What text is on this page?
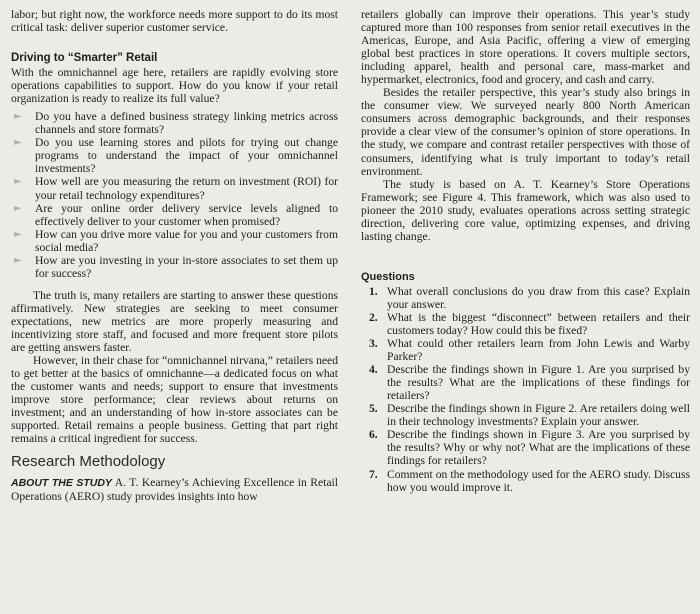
labor; but right now, the workforce needs more support to do its most critical task: deliver superior customer service.

Driving to “Smarter” Retail

With the omnichannel age here, retailers are rapidly evolving store operations capabilities to support. How do you know if your retail organization is ready to realize its full value?

► Do you have a defined business strategy linking metrics across channels and store formats?
► Do you use learning stores and pilots for trying out change programs to understand the impact of your omnichannel investments?
► How well are you measuring the return on investment (ROI) for your retail technology expenditures?
► Are your online order delivery service levels aligned to effectively deliver to your customer when promised?
► How can you drive more value for you and your customers from social media?
► How are you investing in your in-store associates to set them up for success?

The truth is, many retailers are starting to answer these questions affirmatively. New strategies are seeking to meet consumer expectations, new metrics are more properly measuring and incentivizing store staff, and focused and more frequent store pilots are getting answers faster.

However, in their chase for “omnichannel nirvana,” retailers need to get better at the basics of omnichanne—a dedicated focus on what the customer wants and needs; support to ensure that investments improve store performance; clear reviews about returns on investment; and an understanding of how in-store associates can be supported. Retail remains a people business. Getting that part right remains a critical ingredient for success.

Research Methodology

ABOUT THE STUDY A. T. Kearney’s Achieving Excellence in Retail Operations (AERO) study provides insights into how

retailers globally can improve their operations. This year’s study captured more than 100 responses from senior retail executives in the Americas, Europe, and Asia Pacific, offering a view of emerging global best practices in store operations. It covers multiple sectors, including apparel, health and personal care, mass-market and hypermarket, electronics, food and grocery, and cash and carry.

Besides the retailer perspective, this year’s study also brings in the consumer view. We surveyed nearly 800 North American consumers across demographic backgrounds, and their responses provide a clear view of the consumer’s opinion of store operations. In the study, we compare and contrast retailer perspectives with those of consumers, identifying what is truly important to today’s retail environment.

The study is based on A. T. Kearney’s Store Operations Framework; see Figure 4. This framework, which was also used to pioneer the 2010 study, evaluates operations across setting strategic direction, delivering core value, optimizing expenses, and driving lasting change.

Questions
1. What overall conclusions do you draw from this case? Explain your answer.
2. What is the biggest “disconnect” between retailers and their customers today? How could this be fixed?
3. What could other retailers learn from John Lewis and Warby Parker?
4. Describe the findings shown in Figure 1. Are you surprised by the results? What are the implications of these findings for retailers?
5. Describe the findings shown in Figure 2. Are retailers doing well in their technology investments? Explain your answer.
6. Describe the findings shown in Figure 3. Are you surprised by the results? Why or why not? What are the implications of these findings for retailers?
7. Comment on the methodology used for the AERO study. Discuss how you would improve it.
